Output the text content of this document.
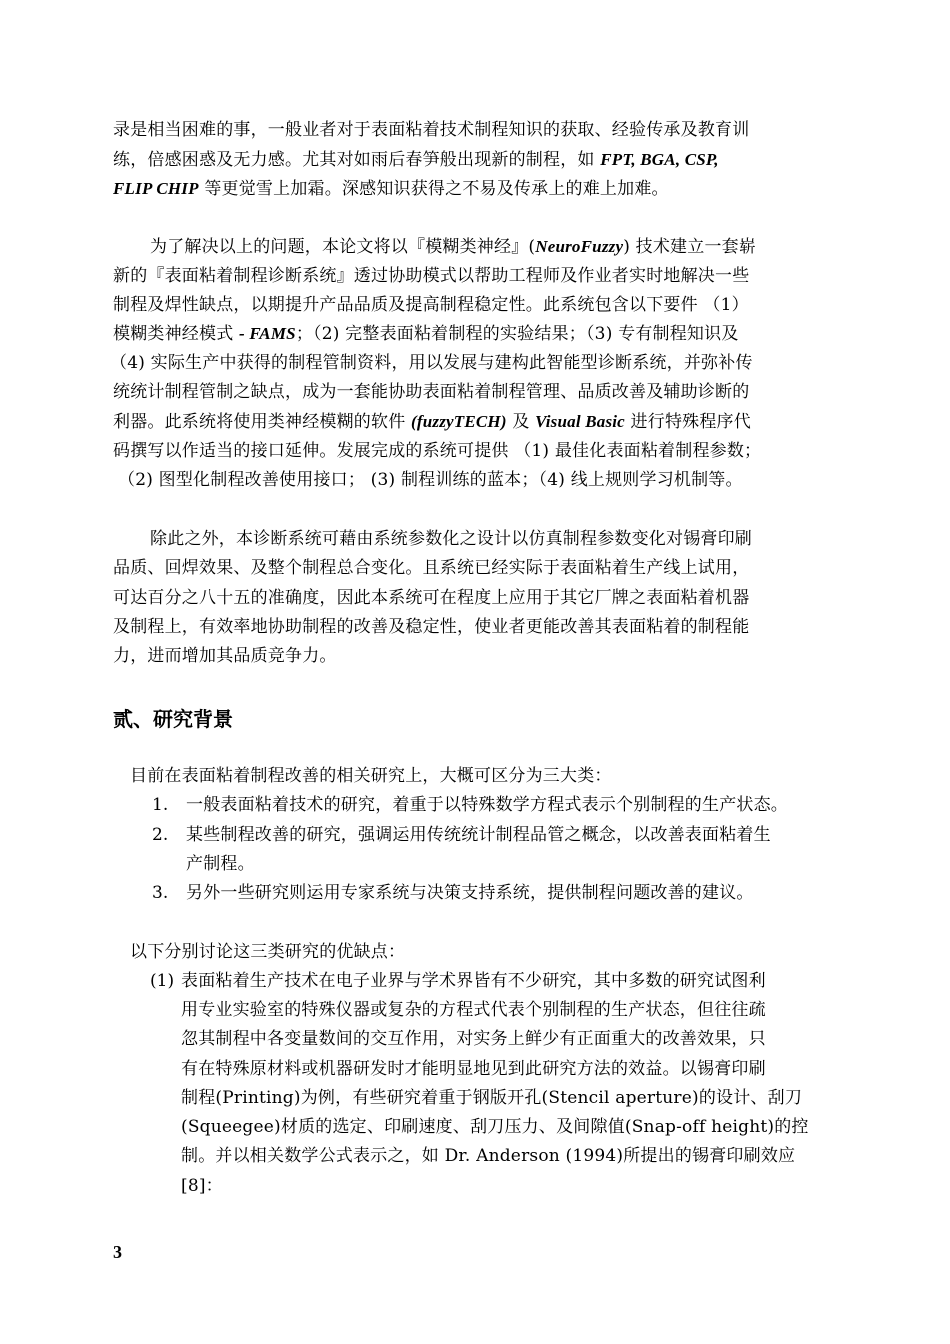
录是相当困难的事，一般业者对于表面粘着技术制程知识的获取、经验传承及教育训
练，倍感困惑及无力感。尤其对如雨后春笋般出现新的制程，如 FPT, BGA, CSP,
FLIP CHIP 等更觉雪上加霜。深感知识获得之不易及传承上的难上加难。
为了解决以上的问题，本论文将以『模糊类神经』(NeuroFuzzy) 技术建立一套崭
新的『表面粘着制程诊断系统』透过协助模式以帮助工程师及作业者实时地解决一些
制程及焊性缺点，以期提升产品品质及提高制程稳定性。此系统包含以下要件 （1）
模糊类神经模式 - FAMS；（2) 完整表面粘着制程的实验结果；（3) 专有制程知识及
（4) 实际生产中获得的制程管制资料，用以发展与建构此智能型诊断系统，并弥补传
统统计制程管制之缺点，成为一套能协助表面粘着制程管理、品质改善及辅助诊断的
利器。此系统将使用类神经模糊的软件 (fuzzyTECH) 及 Visual Basic 进行特殊程序代
码撰写以作适当的接口延伸。发展完成的系统可提供 （1) 最佳化表面粘着制程参数；
（2) 图型化制程改善使用接口； (3) 制程训练的蓝本；（4) 线上规则学习机制等。
除此之外，本诊断系统可藉由系统参数化之设计以仿真制程参数变化对锡膏印刷
品质、回焊效果、及整个制程总合变化。且系统已经实际于表面粘着生产线上试用，
可达百分之八十五的准确度，因此本系统可在程度上应用于其它厂牌之表面粘着机器
及制程上，有效率地协助制程的改善及稳定性，使业者更能改善其表面粘着的制程能
力，进而增加其品质竞争力。
贰、研究背景
目前在表面粘着制程改善的相关研究上，大概可区分为三大类：
1. 一般表面粘着技术的研究，着重于以特殊数学方程式表示个别制程的生产状态。
2. 某些制程改善的研究，强调运用传统统计制程品管之概念，以改善表面粘着生
产制程。
3. 另外一些研究则运用专家系统与决策支持系统，提供制程问题改善的建议。
以下分别讨论这三类研究的优缺点：
(1) 表面粘着生产技术在电子业界与学术界皆有不少研究，其中多数的研究试图利
用专业实验室的特殊仪器或复杂的方程式代表个别制程的生产状态，但往往疏
忽其制程中各变量数间的交互作用，对实务上鲜少有正面重大的改善效果，只
有在特殊原材料或机器研发时才能明显地见到此研究方法的效益。以锡膏印刷
制程(Printing)为例，有些研究着重于钢版开孔(Stencil aperture)的设计、刮刀
(Squeegee)材质的选定、印刷速度、刮刀压力、及间隙值(Snap-off height)的控
制。并以相关数学公式表示之，如 Dr. Anderson (1994)所提出的锡膏印刷效应
[8]：
3
